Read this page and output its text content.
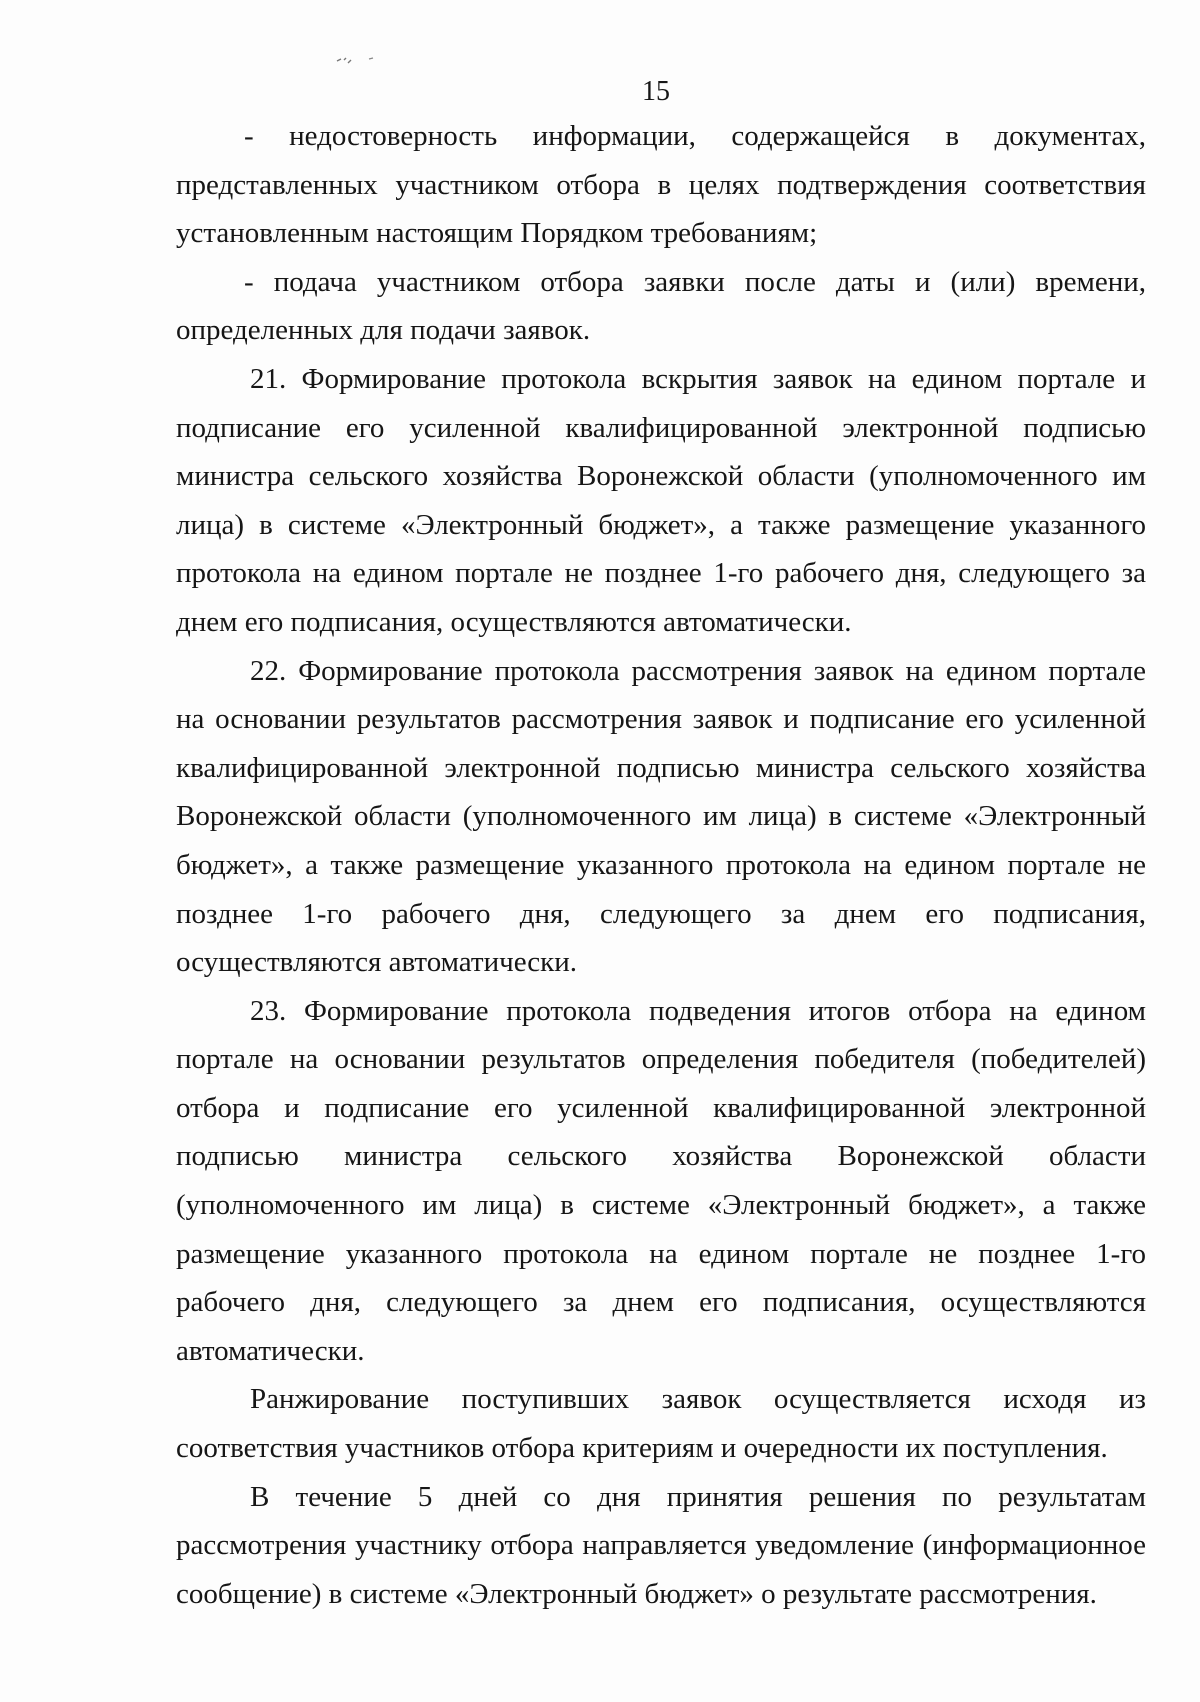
15

- недостоверность информации, содержащейся в документах, представленных участником отбора в целях подтверждения соответствия установленным настоящим Порядком требованиям;

- подача участником отбора заявки после даты и (или) времени, определенных для подачи заявок.

21. Формирование протокола вскрытия заявок на едином портале и подписание его усиленной квалифицированной электронной подписью министра сельского хозяйства Воронежской области (уполномоченного им лица) в системе «Электронный бюджет», а также размещение указанного протокола на едином портале не позднее 1-го рабочего дня, следующего за днем его подписания, осуществляются автоматически.

22. Формирование протокола рассмотрения заявок на едином портале на основании результатов рассмотрения заявок и подписание его усиленной квалифицированной электронной подписью министра сельского хозяйства Воронежской области (уполномоченного им лица) в системе «Электронный бюджет», а также размещение указанного протокола на едином портале не позднее 1-го рабочего дня, следующего за днем его подписания, осуществляются автоматически.

23. Формирование протокола подведения итогов отбора на едином портале на основании результатов определения победителя (победителей) отбора и подписание его усиленной квалифицированной электронной подписью министра сельского хозяйства Воронежской области (уполномоченного им лица) в системе «Электронный бюджет», а также размещение указанного протокола на едином портале не позднее 1-го рабочего дня, следующего за днем его подписания, осуществляются автоматически.

Ранжирование поступивших заявок осуществляется исходя из соответствия участников отбора критериям и очередности их поступления.

В течение 5 дней со дня принятия решения по результатам рассмотрения участнику отбора направляется уведомление (информационное сообщение) в системе «Электронный бюджет» о результате рассмотрения.
